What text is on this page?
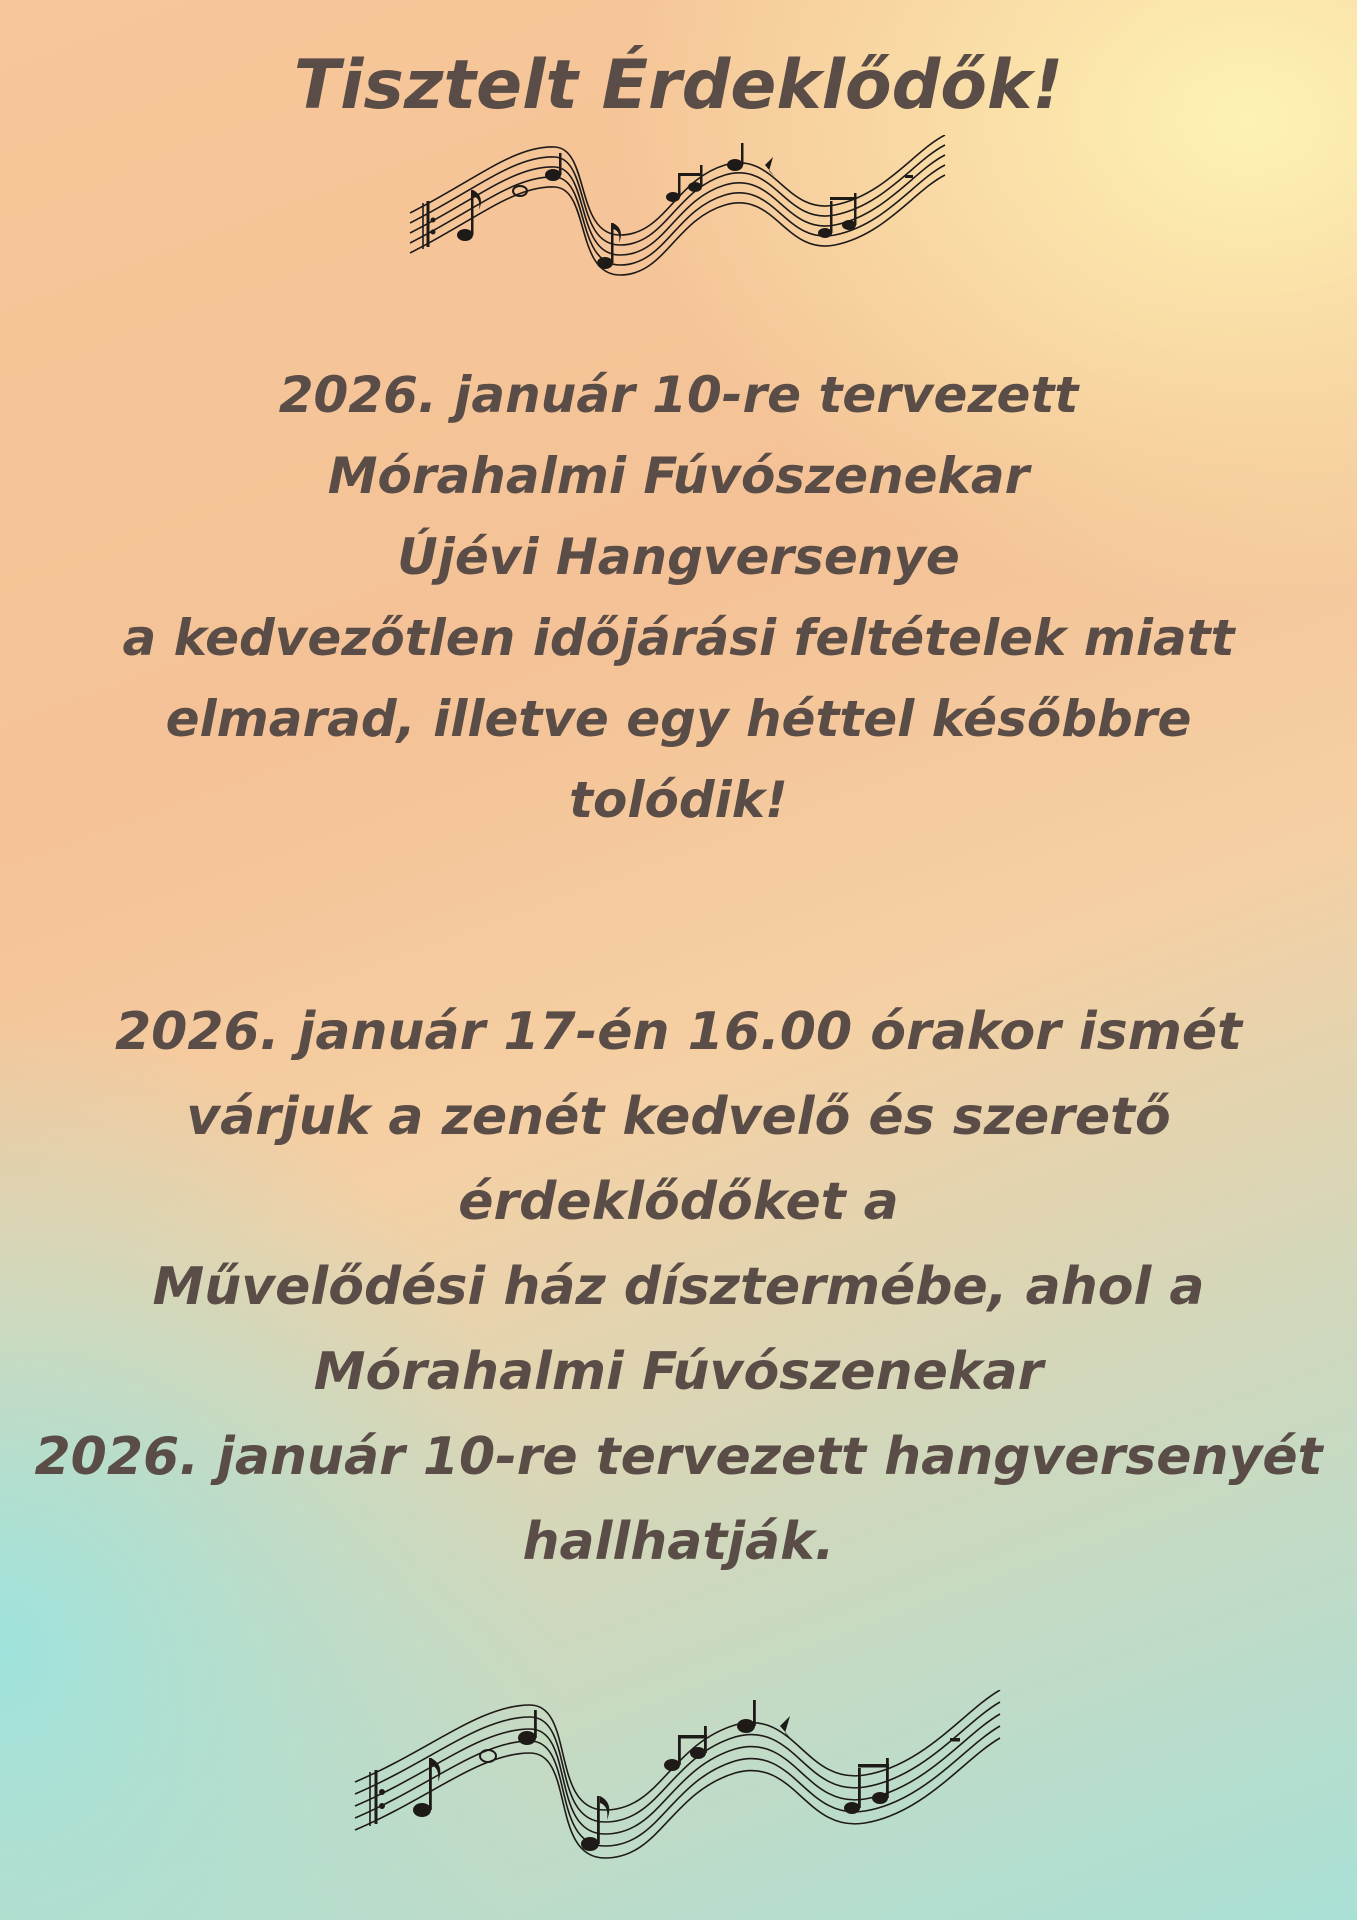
Tisztelt Érdeklődők!
2026. január 10-re tervezett
Mórahalmi Fúvószenekar
Újévi Hangversenye
a kedvezőtlen időjárási feltételek miatt
elmarad, illetve egy héttel későbbre
tolódik!
2026. január 17-én 16.00 órakor ismét
várjuk a zenét kedvelő és szerető
érdeklődőket a
Művelődési ház dísztermébe, ahol a
Mórahalmi Fúvószenekar
2026. január 10-re tervezett hangversenyét
hallhatják.
